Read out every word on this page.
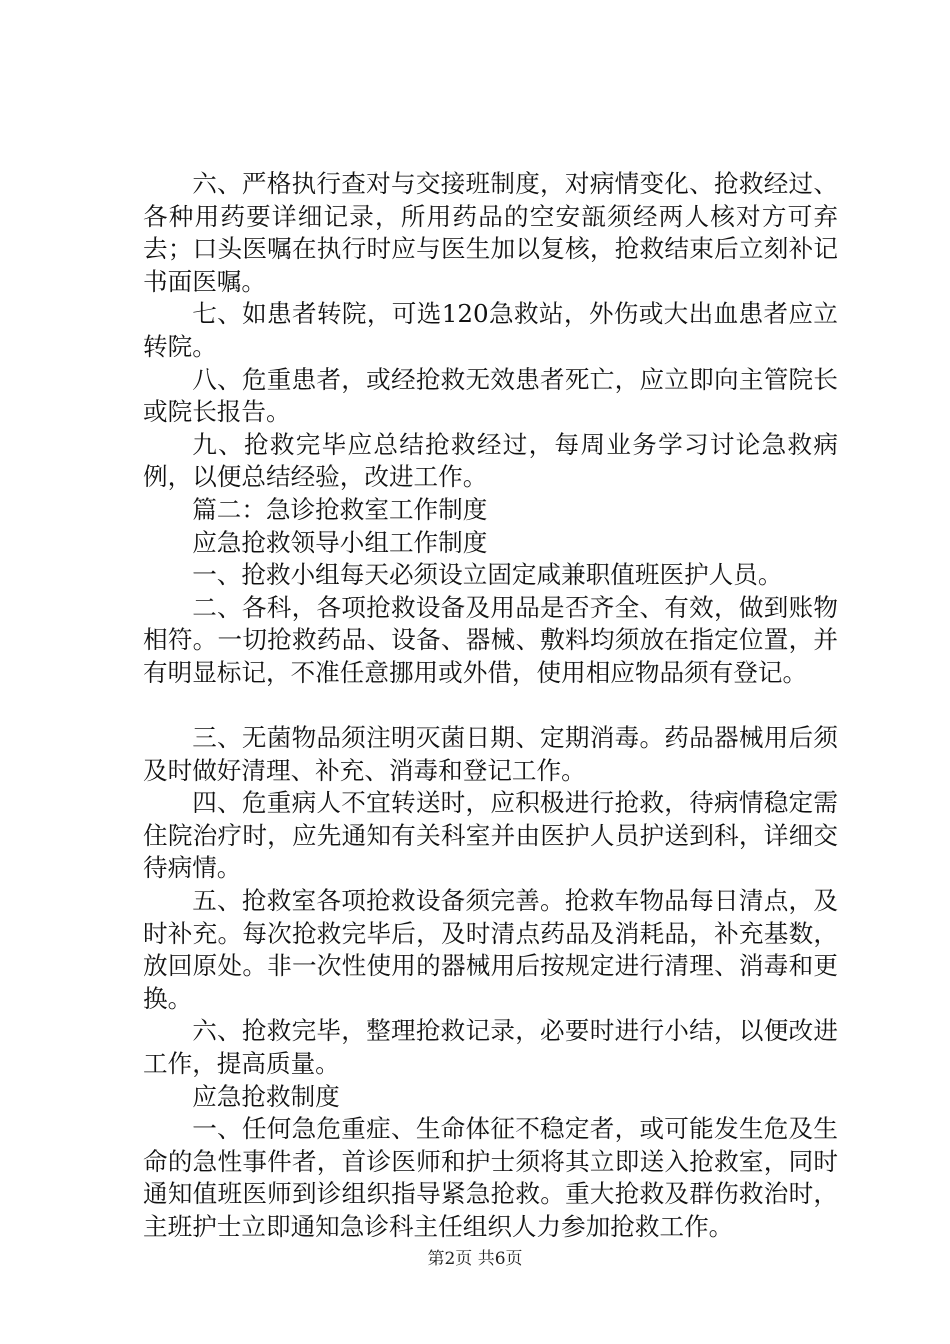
六、严格执行查对与交接班制度，对病情变化、抢救经过、各种用药要详细记录，所用药品的空安瓿须经两人核对方可弃去；口头医嘱在执行时应与医生加以复核，抢救结束后立刻补记书面医嘱。

七、如患者转院，可选120急救站，外伤或大出血患者应立转院。

八、危重患者，或经抢救无效患者死亡，应立即向主管院长或院长报告。

九、抢救完毕应总结抢救经过，每周业务学习讨论急救病例，以便总结经验，改进工作。

篇二：急诊抢救室工作制度

应急抢救领导小组工作制度

一、抢救小组每天必须设立固定咸兼职值班医护人员。

二、各科，各项抢救设备及用品是否齐全、有效，做到账物相符。一切抢救药品、设备、器械、敷料均须放在指定位置，并有明显标记，不准任意挪用或外借，使用相应物品须有登记。

三、无菌物品须注明灭菌日期、定期消毒。药品器械用后须及时做好清理、补充、消毒和登记工作。

四、危重病人不宜转送时，应积极进行抢救，待病情稳定需住院治疗时，应先通知有关科室并由医护人员护送到科，详细交待病情。

五、抢救室各项抢救设备须完善。抢救车物品每日清点，及时补充。每次抢救完毕后，及时清点药品及消耗品，补充基数，放回原处。非一次性使用的器械用后按规定进行清理、消毒和更换。

六、抢救完毕，整理抢救记录，必要时进行小结，以便改进工作，提高质量。

应急抢救制度

一、任何急危重症、生命体征不稳定者，或可能发生危及生命的急性事件者，首诊医师和护士须将其立即送入抢救室，同时通知值班医师到诊组织指导紧急抢救。重大抢救及群伤救治时，主班护士立即通知急诊科主任组织人力参加抢救工作。

第2页 共6页
